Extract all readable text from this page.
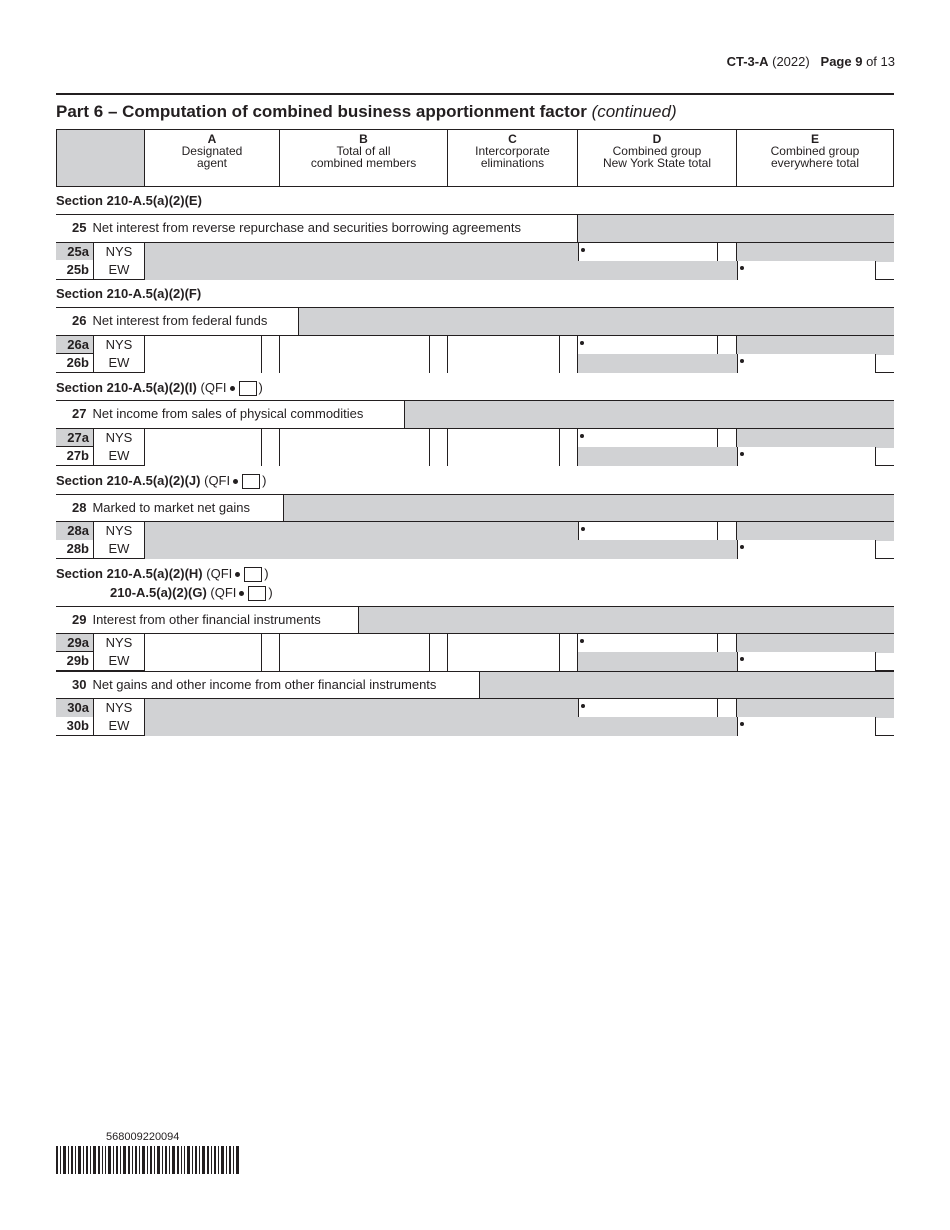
CT-3-A (2022) Page 9 of 13
Part 6 – Computation of combined business apportionment factor (continued)
A
Designated
agent
B
Total of all
combined members
C
Intercorporate
eliminations
D
Combined group
New York State total
E
Combined group
everywhere total
Section 210-A.5(a)(2)(E)
25 Net interest from reverse repurchase and securities borrowing agreements
25a	NYS
25b	EW
Section 210-A.5(a)(2)(F)
26 Net interest from federal funds
26a	NYS
26b	EW
Section 210-A.5(a)(2)(I) (QFI )
27 Net income from sales of physical commodities
27a	NYS
27b	EW
Section 210-A.5(a)(2)(J) (QFI )
28 Marked to market net gains
28a	NYS
28b	EW
Section 210-A.5(a)(2)(H) (QFI )
210-A.5(a)(2)(G) (QFI )
29 Interest from other financial instruments
29a	NYS
29b	EW
30 Net gains and other income from other financial instruments
30a	NYS
30b	EW
568009220094
